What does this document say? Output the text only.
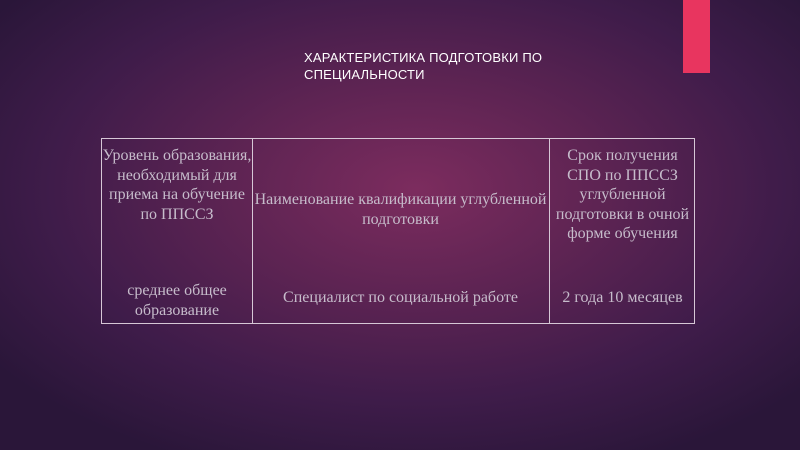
ХАРАКТЕРИСТИКА ПОДГОТОВКИ ПО
СПЕЦИАЛЬНОСТИ
Уровень образования, необходимый для приема на обучение по ППССЗ
Наименование квалификации углубленной подготовки
Срок получения СПО по ППССЗ углубленной подготовки в очной форме обучения
среднее общее образование
Специалист по социальной работе	2 года 10 месяцев
